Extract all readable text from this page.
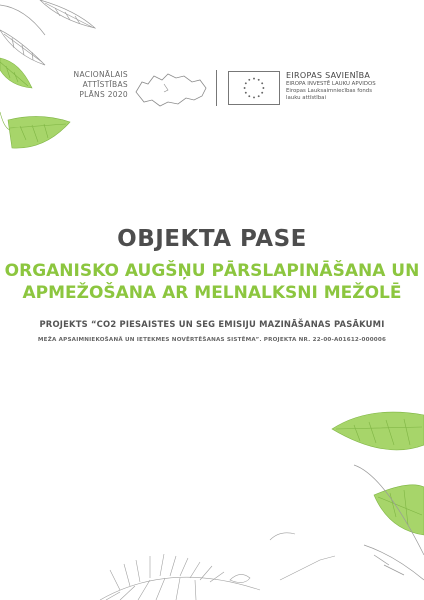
NACIONĀLAIS
ATTĪSTĪBAS
PLĀNS 2020
EIROPAS SAVIENĪBA
EIROPA INVESTĒ LAUKU APVIDOS
Eiropas Lauksaimniecības fonds
lauku attīstībai
OBJEKTA PASE
ORGANISKO AUGŠŅU PĀRSLAPINĀŠANA UN
APMEŽOŠANA AR MELNALKSNI MEŽOLĒ
PROJEKTS “CO2 PIESAISTES UN SEG EMISIJU MAZINĀŠANAS PASĀKUMI
MEŽA APSAIMNIEKOŠANĀ UN IETEKMES NOVĒRTĒŠANAS SISTĒMA”. PROJEKTA NR. 22-00-A01612-000006
